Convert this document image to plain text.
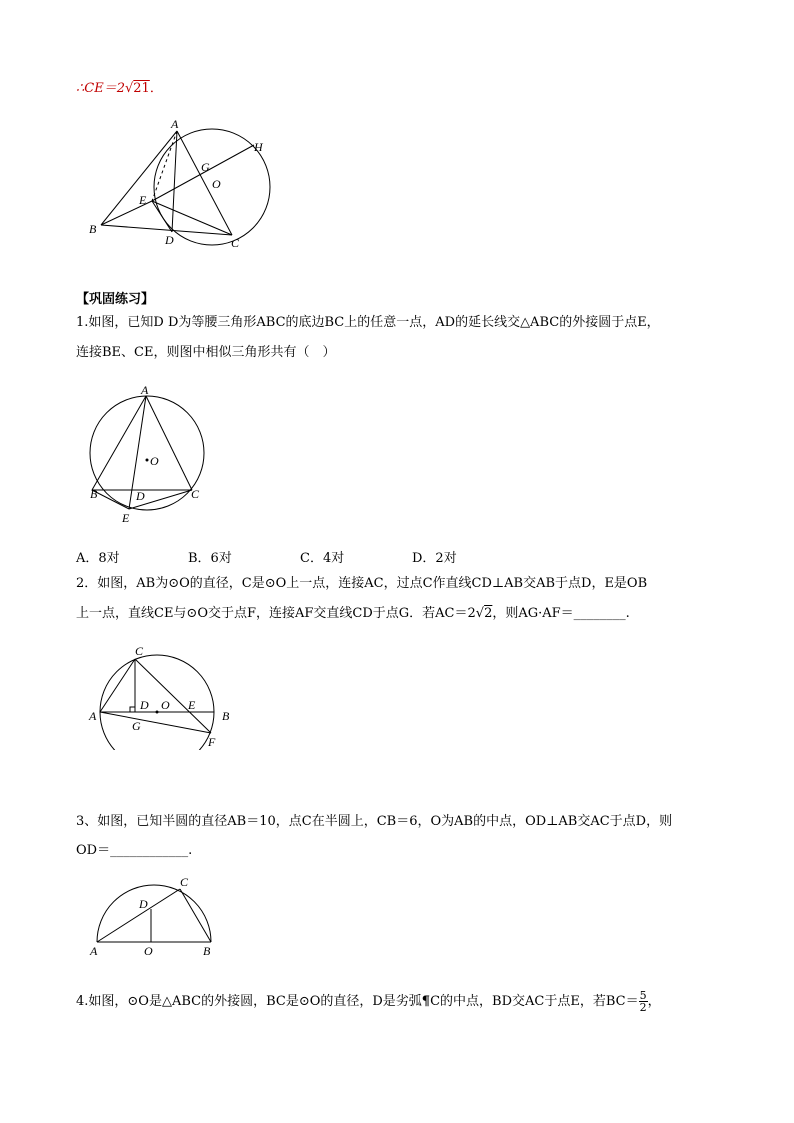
∴CE＝2√21．
A
H
G
O
E
B
D	C
【巩固练习】
1.如图，已知D D为等腰三角形ABC的底边BC上的任意一点，AD的延长线交△ABC的外接圆于点E，
连接BE、CE，则图中相似三角形共有（　）
A
O
B	D	C
E
A．8对	B．6对	C．4对	D．2对
2．如图，AB为⊙O的直径，C是⊙O上一点，连接AC，过点C作直线CD⊥AB交AB于点D，E是OB
上一点，直线CE与⊙O交于点F，连接AF交直线CD于点G．若AC＝2√2，则AG·AF＝________.
C
A
D O E
B
G
F
3、如图，已知半圆的直径AB＝10，点C在半圆上，CB＝6，O为AB的中点，OD⊥AB交AC于点D，则
OD＝____________.
C
D
A	O	B
4.如图，⊙O是△ABC的外接圆，BC是⊙O的直径，D是劣弧¶C的中点，BD交AC于点E，若$BC= \frac{5}{2}$ ，
